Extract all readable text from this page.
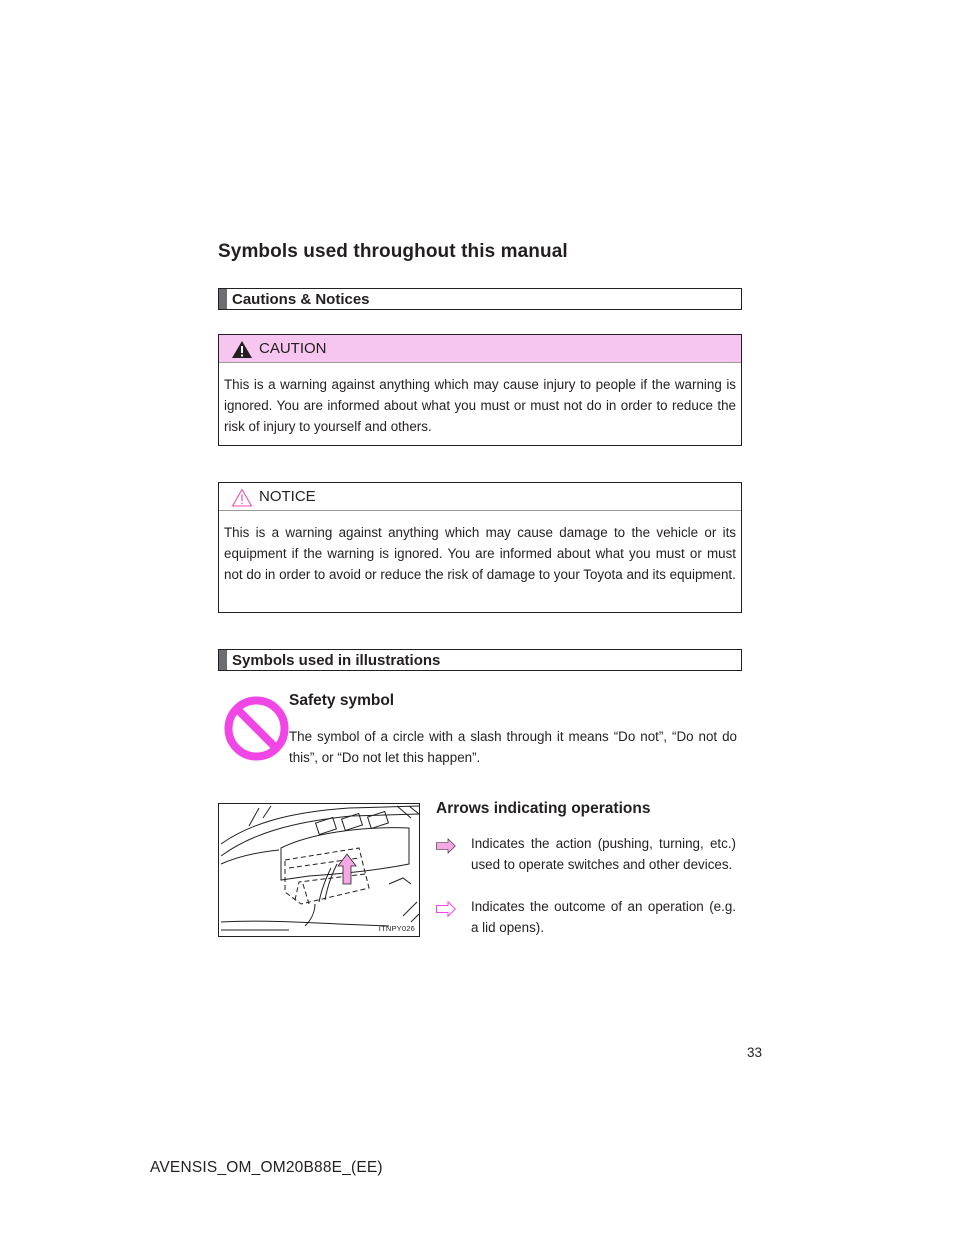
Symbols used throughout this manual
Cautions & Notices
CAUTION

This is a warning against anything which may cause injury to people if the warning is ignored. You are informed about what you must or must not do in order to reduce the risk of injury to yourself and others.

NOTICE

This is a warning against anything which may cause damage to the vehicle or its equipment if the warning is ignored. You are informed about what you must or must not do in order to avoid or reduce the risk of damage to your Toyota and its equipment.

Symbols used in illustrations
Safety symbol

The symbol of a circle with a slash through it means “Do not”, “Do not do this”, or “Do not let this happen”.

ITNPY026
Arrows indicating operations

Indicates the action (pushing, turning, etc.) used to operate switches and other devices.

Indicates the outcome of an operation (e.g. a lid opens).

33
AVENSIS_OM_OM20B88E_(EE)
